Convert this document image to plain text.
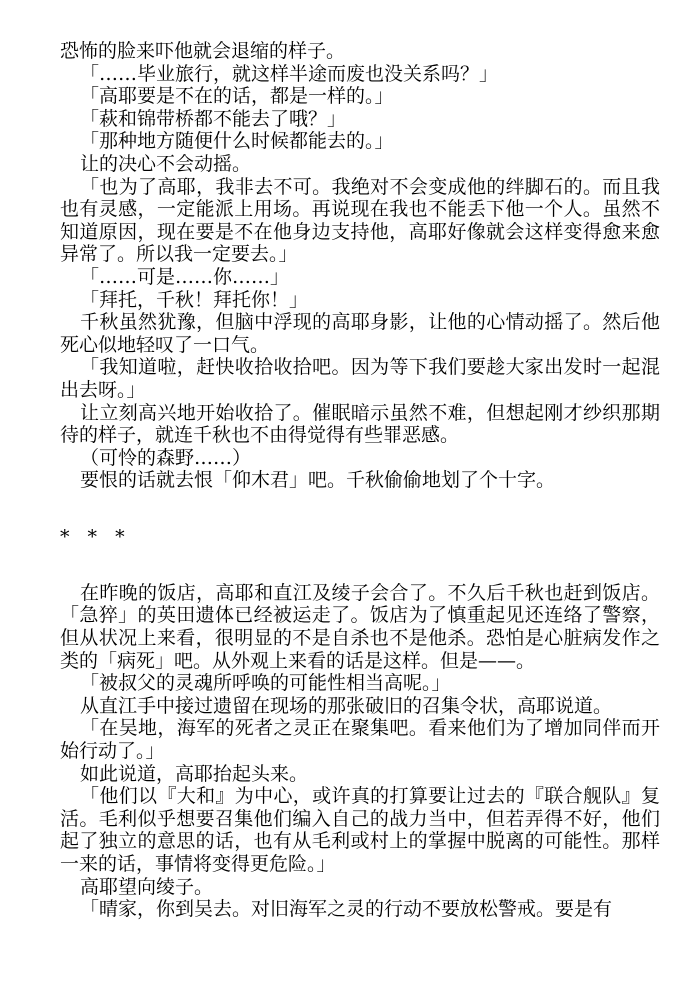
恐怖的脸来吓他就会退缩的样子。

「……毕业旅行，就这样半途而废也没关系吗？」

「高耶要是不在的话，都是一样的。」

「萩和锦带桥都不能去了哦？」

「那种地方随便什么时候都能去的。」

让的决心不会动摇。

「也为了高耶，我非去不可。我绝对不会变成他的绊脚石的。而且我也有灵感，一定能派上用场。再说现在我也不能丢下他一个人。虽然不知道原因，现在要是不在他身边支持他，高耶好像就会这样变得愈来愈异常了。所以我一定要去。」

「……可是……你……」

「拜托，千秋！拜托你！」

千秋虽然犹豫，但脑中浮现的高耶身影，让他的心情动摇了。然后他死心似地轻叹了一口气。

「我知道啦，赶快收拾收拾吧。因为等下我们要趁大家出发时一起混出去呀。」

让立刻高兴地开始收拾了。催眠暗示虽然不难，但想起刚才纱织那期待的样子，就连千秋也不由得觉得有些罪恶感。

（可怜的森野……）

要恨的话就去恨「仰木君」吧。千秋偷偷地划了个十字。

* * *

在昨晚的饭店，高耶和直江及绫子会合了。不久后千秋也赶到饭店。「急猝」的英田遗体已经被运走了。饭店为了慎重起见还连络了警察，但从状况上来看，很明显的不是自杀也不是他杀。恐怕是心脏病发作之类的「病死」吧。从外观上来看的话是这样。但是——。

「被叔父的灵魂所呼唤的可能性相当高呢。」

从直江手中接过遗留在现场的那张破旧的召集令状，高耶说道。

「在吴地，海军的死者之灵正在聚集吧。看来他们为了增加同伴而开始行动了。」

如此说道，高耶抬起头来。

「他们以『大和』为中心，或许真的打算要让过去的『联合舰队』复活。毛利似乎想要召集他们编入自己的战力当中，但若弄得不好，他们起了独立的意思的话，也有从毛利或村上的掌握中脱离的可能性。那样一来的话，事情将变得更危险。」

高耶望向绫子。

「晴家，你到吴去。对旧海军之灵的行动不要放松警戒。要是有
